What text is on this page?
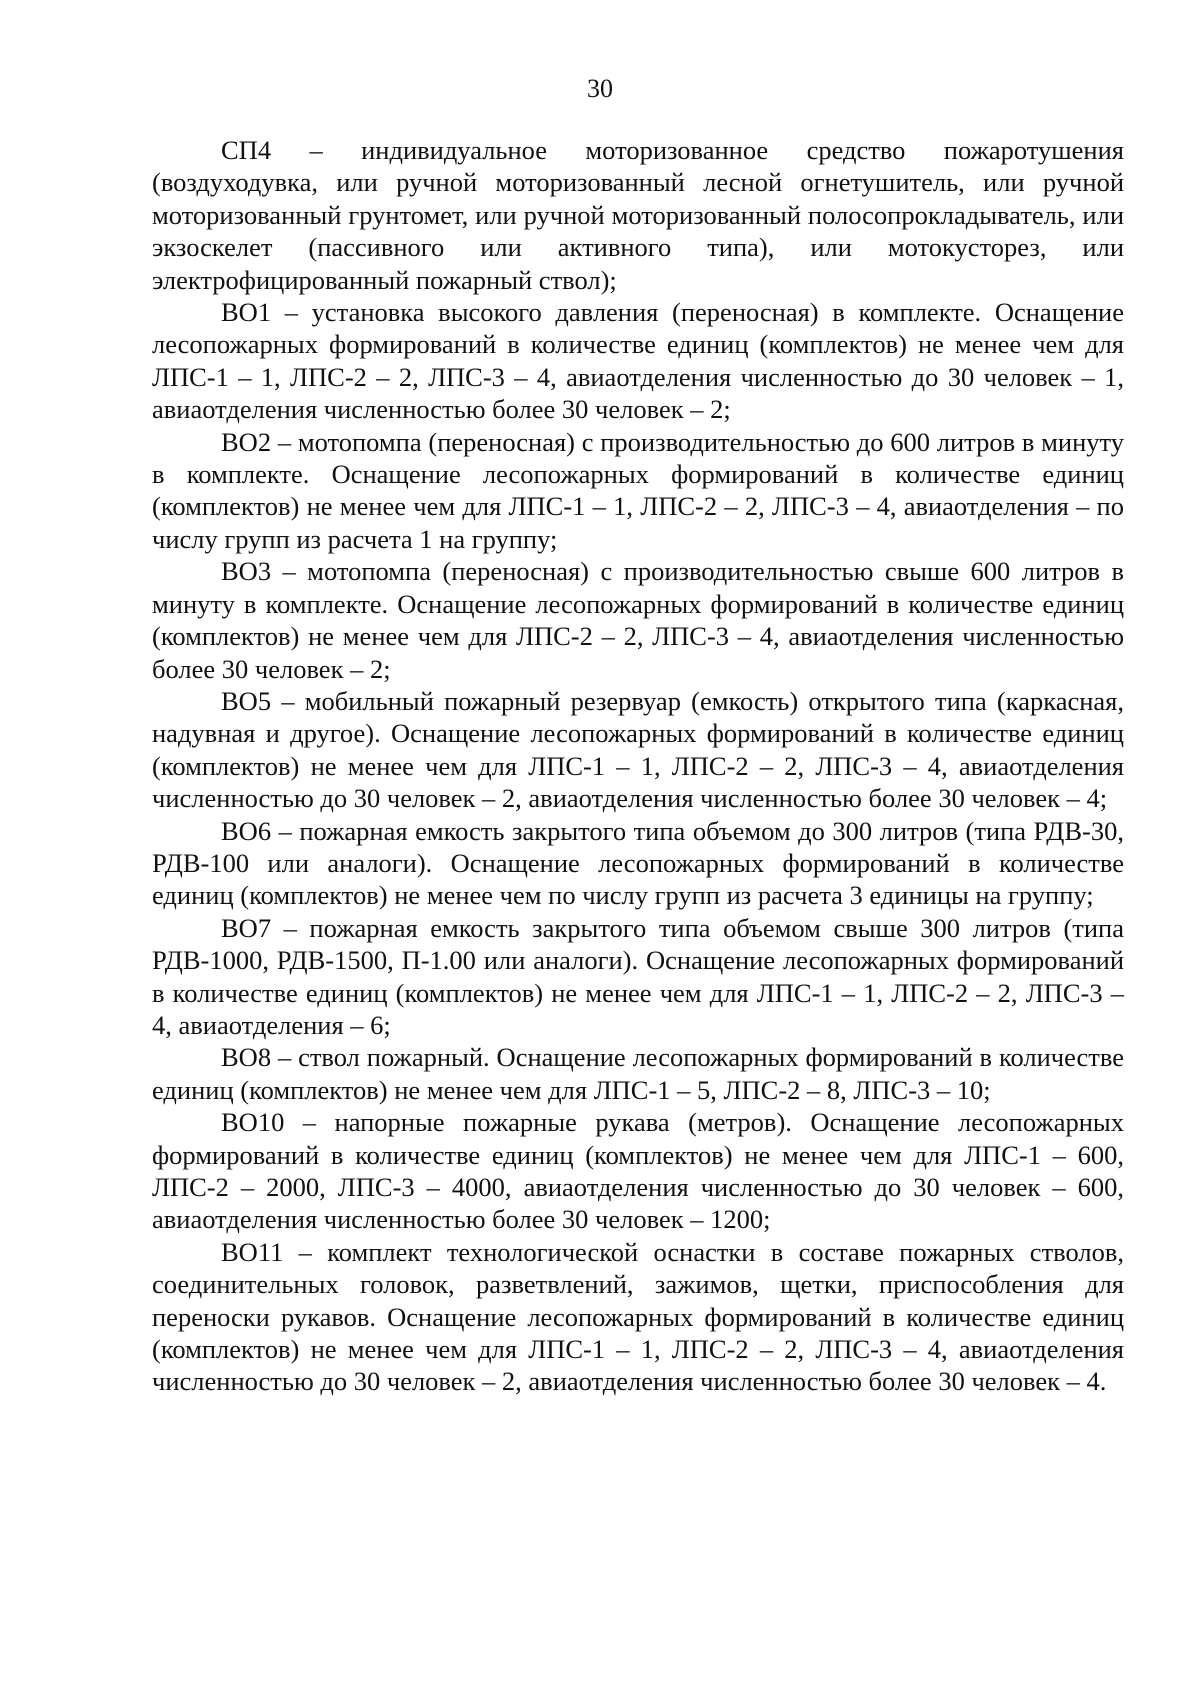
30

СП4 – индивидуальное моторизованное средство пожаротушения (воздуходувка, или ручной моторизованный лесной огнетушитель, или ручной моторизованный грунтомет, или ручной моторизованный полосопрокладыватель, или экзоскелет (пассивного или активного типа), или мотокусторез, или электрофицированный пожарный ствол);

ВО1 – установка высокого давления (переносная) в комплекте. Оснащение лесопожарных формирований в количестве единиц (комплектов) не менее чем для ЛПС-1 – 1, ЛПС-2 – 2, ЛПС-3 – 4, авиаотделения численностью до 30 человек – 1, авиаотделения численностью более 30 человек – 2;

ВО2 – мотопомпа (переносная) с производительностью до 600 литров в минуту в комплекте. Оснащение лесопожарных формирований в количестве единиц (комплектов) не менее чем для ЛПС-1 – 1, ЛПС-2 – 2, ЛПС-3 – 4, авиаотделения – по числу групп из расчета 1 на группу;

ВО3 – мотопомпа (переносная) с производительностью свыше 600 литров в минуту в комплекте. Оснащение лесопожарных формирований в количестве единиц (комплектов) не менее чем для ЛПС-2 – 2, ЛПС-3 – 4, авиаотделения численностью более 30 человек – 2;

ВО5 – мобильный пожарный резервуар (емкость) открытого типа (каркасная, надувная и другое). Оснащение лесопожарных формирований в количестве единиц (комплектов) не менее чем для ЛПС-1 – 1, ЛПС-2 – 2, ЛПС-3 – 4, авиаотделения численностью до 30 человек – 2, авиаотделения численностью более 30 человек – 4;

ВО6 – пожарная емкость закрытого типа объемом до 300 литров (типа РДВ-30, РДВ-100 или аналоги). Оснащение лесопожарных формирований в количестве единиц (комплектов) не менее чем по числу групп из расчета 3 единицы на группу;

ВО7 – пожарная емкость закрытого типа объемом свыше 300 литров (типа РДВ-1000, РДВ-1500, П-1.00 или аналоги). Оснащение лесопожарных формирований в количестве единиц (комплектов) не менее чем для ЛПС-1 – 1, ЛПС-2 – 2, ЛПС-3 – 4, авиаотделения – 6;

ВО8 – ствол пожарный. Оснащение лесопожарных формирований в количестве единиц (комплектов) не менее чем для ЛПС-1 – 5, ЛПС-2 – 8, ЛПС-3 – 10;

ВО10 – напорные пожарные рукава (метров). Оснащение лесопожарных формирований в количестве единиц (комплектов) не менее чем для ЛПС-1 – 600, ЛПС-2 – 2000, ЛПС-3 – 4000, авиаотделения численностью до 30 человек – 600, авиаотделения численностью более 30 человек – 1200;

ВО11 – комплект технологической оснастки в составе пожарных стволов, соединительных головок, разветвлений, зажимов, щетки, приспособления для переноски рукавов. Оснащение лесопожарных формирований в количестве единиц (комплектов) не менее чем для ЛПС-1 – 1, ЛПС-2 – 2, ЛПС-3 – 4, авиаотделения численностью до 30 человек – 2, авиаотделения численностью более 30 человек – 4.
